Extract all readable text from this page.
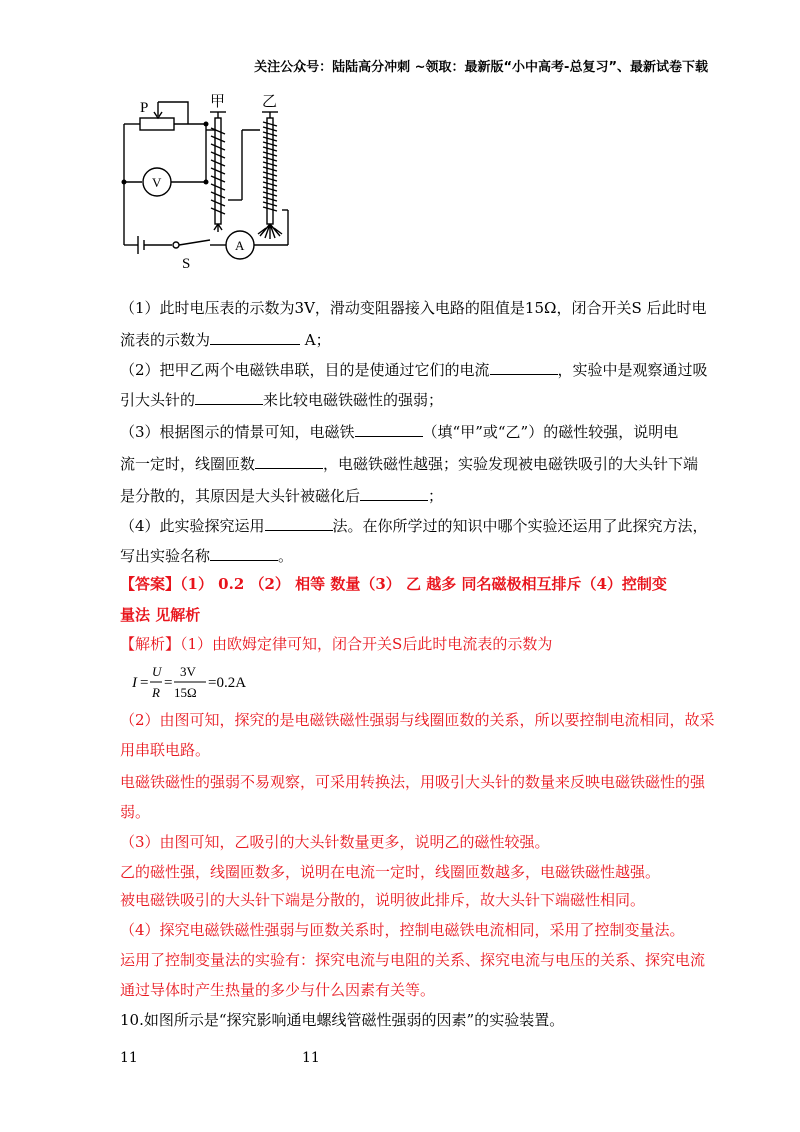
关注公众号：陆陆高分冲刺 ~领取：最新版“小中高考-总复习”、最新试卷下载
P	甲 乙
V
A
S
（1）此时电压表的示数为3V，滑动变阻器接入电路的阻值是15Ω，闭合开关S 后此时电
流表的示数为	A；
（2）把甲乙两个电磁铁串联，目的是使通过它们的电流	，实验中是观察通过吸
引大头针的	来比较电磁铁磁性的强弱；
（3）根据图示的情景可知，电磁铁	（填“甲”或“乙”）的磁性较强，说明电
流一定时，线圈匝数	，电磁铁磁性越强；实验发现被电磁铁吸引的大头针下端
是分散的，其原因是大头针被磁化后	；
（4）此实验探究运用	法。在你所学过的知识中哪个实验还运用了此探究方法，
写出实验名称	。
【答案】（1） 0.2 （2） 相等 数量（3） 乙 越多 同名磁极相互排斥（4）控制变
量法 见解析
【解析】（1）由欧姆定律可知，闭合开关S后此时电流表的示数为
I =
U
R
=
3V
15Ω
=0.2A
（2）由图可知，探究的是电磁铁磁性强弱与线圈匝数的关系，所以要控制电流相同，故采
用串联电路。
电磁铁磁性的强弱不易观察，可采用转换法，用吸引大头针的数量来反映电磁铁磁性的强
弱。
（3）由图可知，乙吸引的大头针数量更多，说明乙的磁性较强。
乙的磁性强，线圈匝数多，说明在电流一定时，线圈匝数越多，电磁铁磁性越强。
被电磁铁吸引的大头针下端是分散的，说明彼此排斥，故大头针下端磁性相同。
（4）探究电磁铁磁性强弱与匝数关系时，控制电磁铁电流相同，采用了控制变量法。
运用了控制变量法的实验有：探究电流与电阻的关系、探究电流与电压的关系、探究电流
通过导体时产生热量的多少与什么因素有关等。
10.如图所示是“探究影响通电螺线管磁性强弱的因素”的实验装置。
11	11
